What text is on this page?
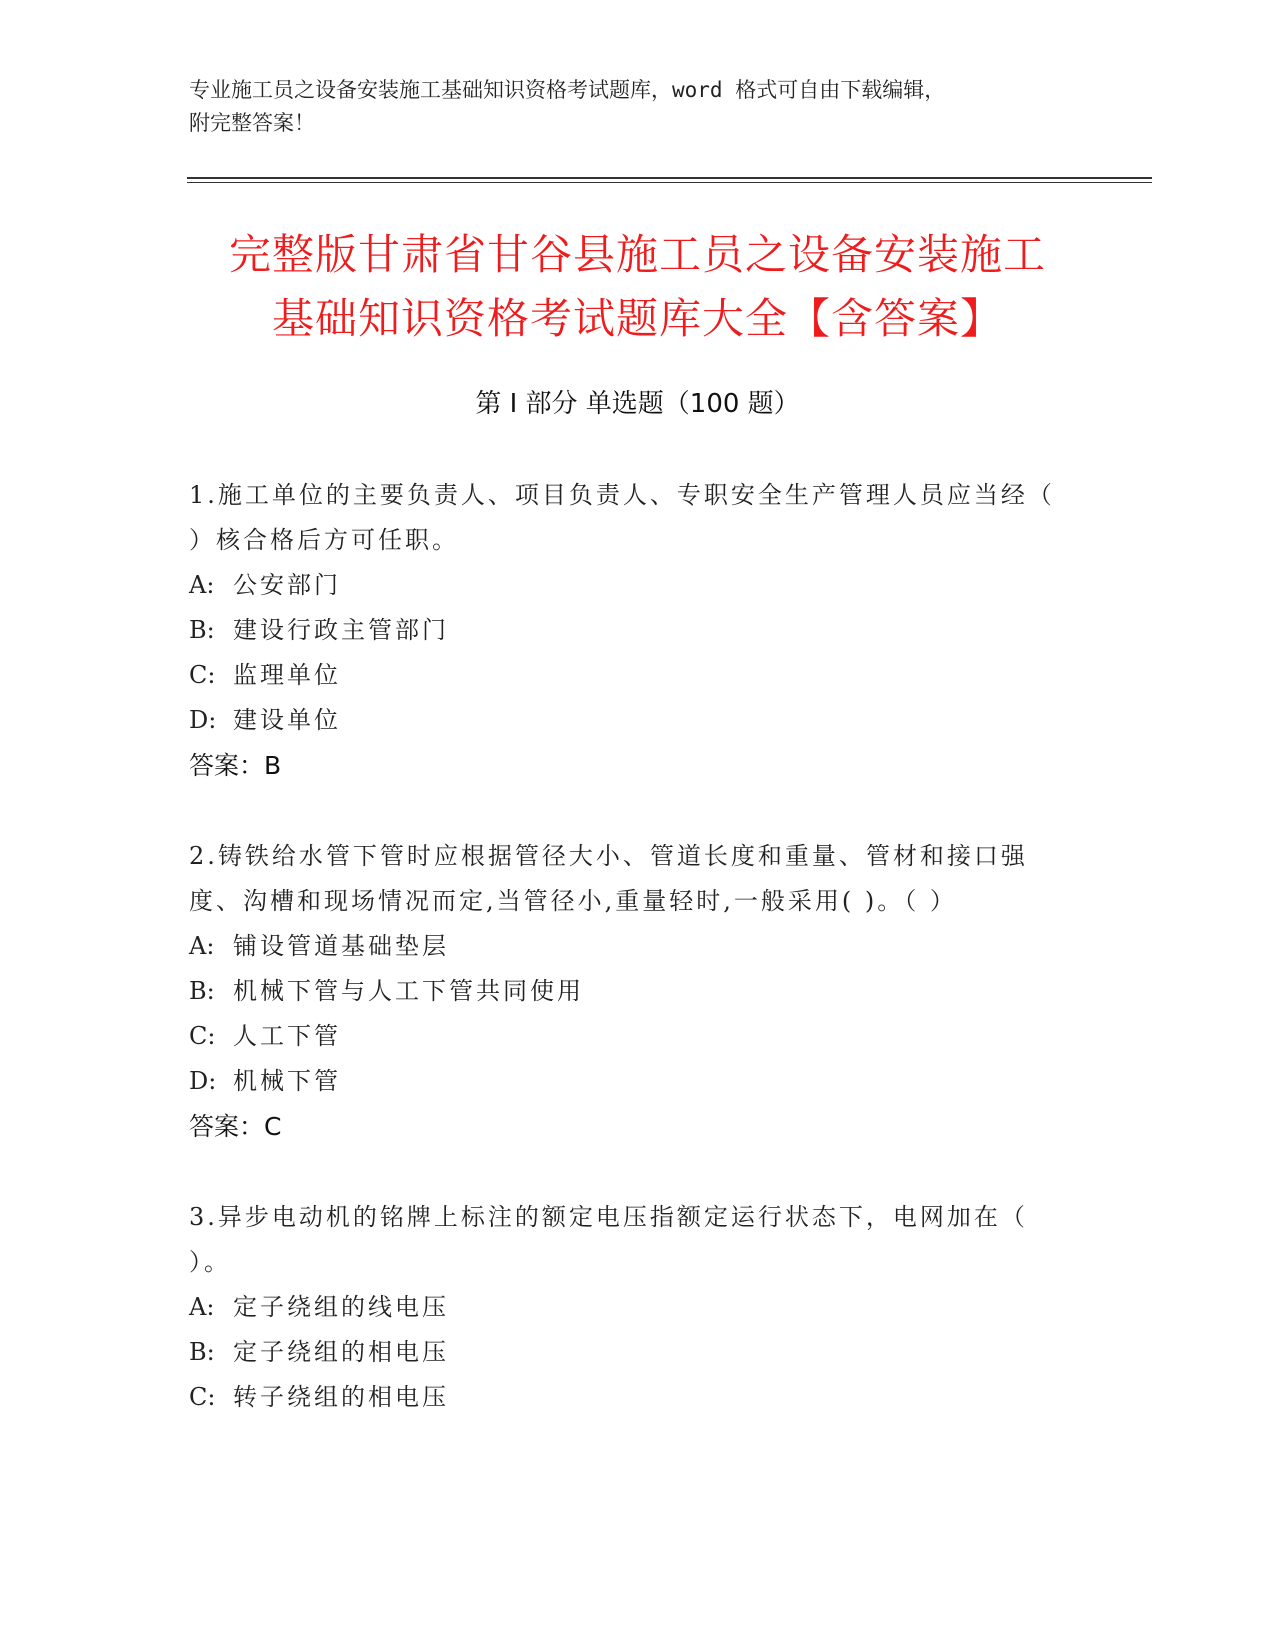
专业施工员之设备安装施工基础知识资格考试题库，word 格式可自由下载编辑，
附完整答案！
完整版甘肃省甘谷县施工员之设备安装施工
基础知识资格考试题库大全【含答案】
第 I 部分 单选题（100 题）
1.施工单位的主要负责人、项目负责人、专职安全生产管理人员应当经（ ）核合格后方可任职。
A: 公安部门
B: 建设行政主管部门
C: 监理单位
D: 建设单位
答案：B
2.铸铁给水管下管时应根据管径大小、管道长度和重量、管材和接口强度、沟槽和现场情况而定,当管径小,重量轻时,一般采用( )。（ ）
A: 铺设管道基础垫层
B: 机械下管与人工下管共同使用
C: 人工下管
D: 机械下管
答案：C
3.异步电动机的铭牌上标注的额定电压指额定运行状态下，电网加在（ ）。
A: 定子绕组的线电压
B: 定子绕组的相电压
C: 转子绕组的相电压
